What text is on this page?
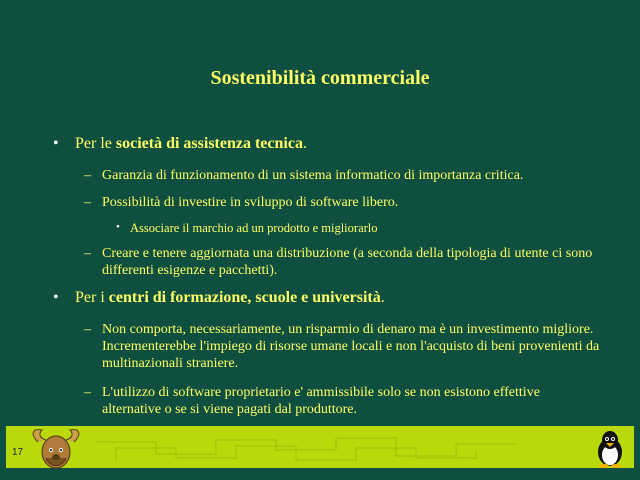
Sostenibilità commerciale
• Per le società di assistenza tecnica.
– Garanzia di funzionamento di un sistema informatico di importanza critica.
– Possibilità di investire in sviluppo di software libero.
• Associare il marchio ad un prodotto e migliorarlo
– Creare e tenere aggiornata una distribuzione (a seconda della tipologia di utente ci sono differenti esigenze e pacchetti).
• Per i centri di formazione, scuole e università.
– Non comporta, necessariamente, un risparmio di denaro ma è un investimento migliore. Incrementerebbe l'impiego di risorse umane locali e non l'acquisto di beni provenienti da multinazionali straniere.
– L'utilizzo di software proprietario e' ammissibile solo se non esistono effettive alternative o se si viene pagati dal produttore.
17
